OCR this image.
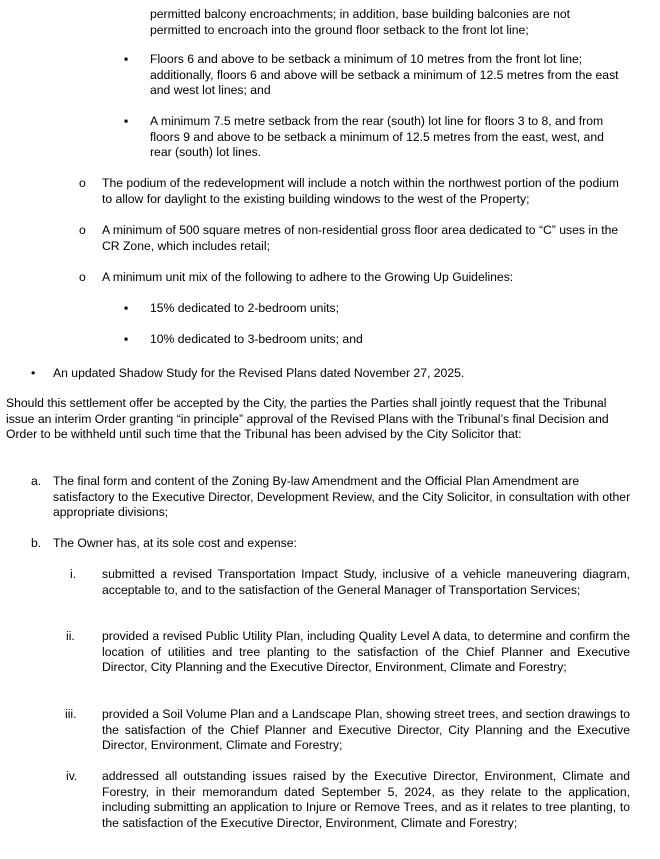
permitted balcony encroachments; in addition, base building balconies are not permitted to encroach into the ground floor setback to the front lot line;

▪ Floors 6 and above to be setback a minimum of 10 metres from the front lot line; additionally, floors 6 and above will be setback a minimum of 12.5 metres from the east and west lot lines; and

▪ A minimum 7.5 metre setback from the rear (south) lot line for floors 3 to 8, and from floors 9 and above to be setback a minimum of 12.5 metres from the east, west, and rear (south) lot lines.

o The podium of the redevelopment will include a notch within the northwest portion of the podium to allow for daylight to the existing building windows to the west of the Property;

o A minimum of 500 square metres of non-residential gross floor area dedicated to “C” uses in the CR Zone, which includes retail;

o A minimum unit mix of the following to adhere to the Growing Up Guidelines:

▪ 15% dedicated to 2-bedroom units;

▪ 10% dedicated to 3-bedroom units; and

• An updated Shadow Study for the Revised Plans dated November 27, 2025.

Should this settlement offer be accepted by the City, the parties the Parties shall jointly request that the Tribunal issue an interim Order granting “in principle” approval of the Revised Plans with the Tribunal’s final Decision and Order to be withheld until such time that the Tribunal has been advised by the City Solicitor that:

a. The final form and content of the Zoning By-law Amendment and the Official Plan Amendment are satisfactory to the Executive Director, Development Review, and the City Solicitor, in consultation with other appropriate divisions;

b. The Owner has, at its sole cost and expense:

i. submitted a revised Transportation Impact Study, inclusive of a vehicle maneuvering diagram, acceptable to, and to the satisfaction of the General Manager of Transportation Services;

ii. provided a revised Public Utility Plan, including Quality Level A data, to determine and confirm the location of utilities and tree planting to the satisfaction of the Chief Planner and Executive Director, City Planning and the Executive Director, Environment, Climate and Forestry;

iii. provided a Soil Volume Plan and a Landscape Plan, showing street trees, and section drawings to the satisfaction of the Chief Planner and Executive Director, City Planning and the Executive Director, Environment, Climate and Forestry;

iv. addressed all outstanding issues raised by the Executive Director, Environment, Climate and Forestry, in their memorandum dated September 5, 2024, as they relate to the application, including submitting an application to Injure or Remove Trees, and as it relates to tree planting, to the satisfaction of the Executive Director, Environment, Climate and Forestry;
